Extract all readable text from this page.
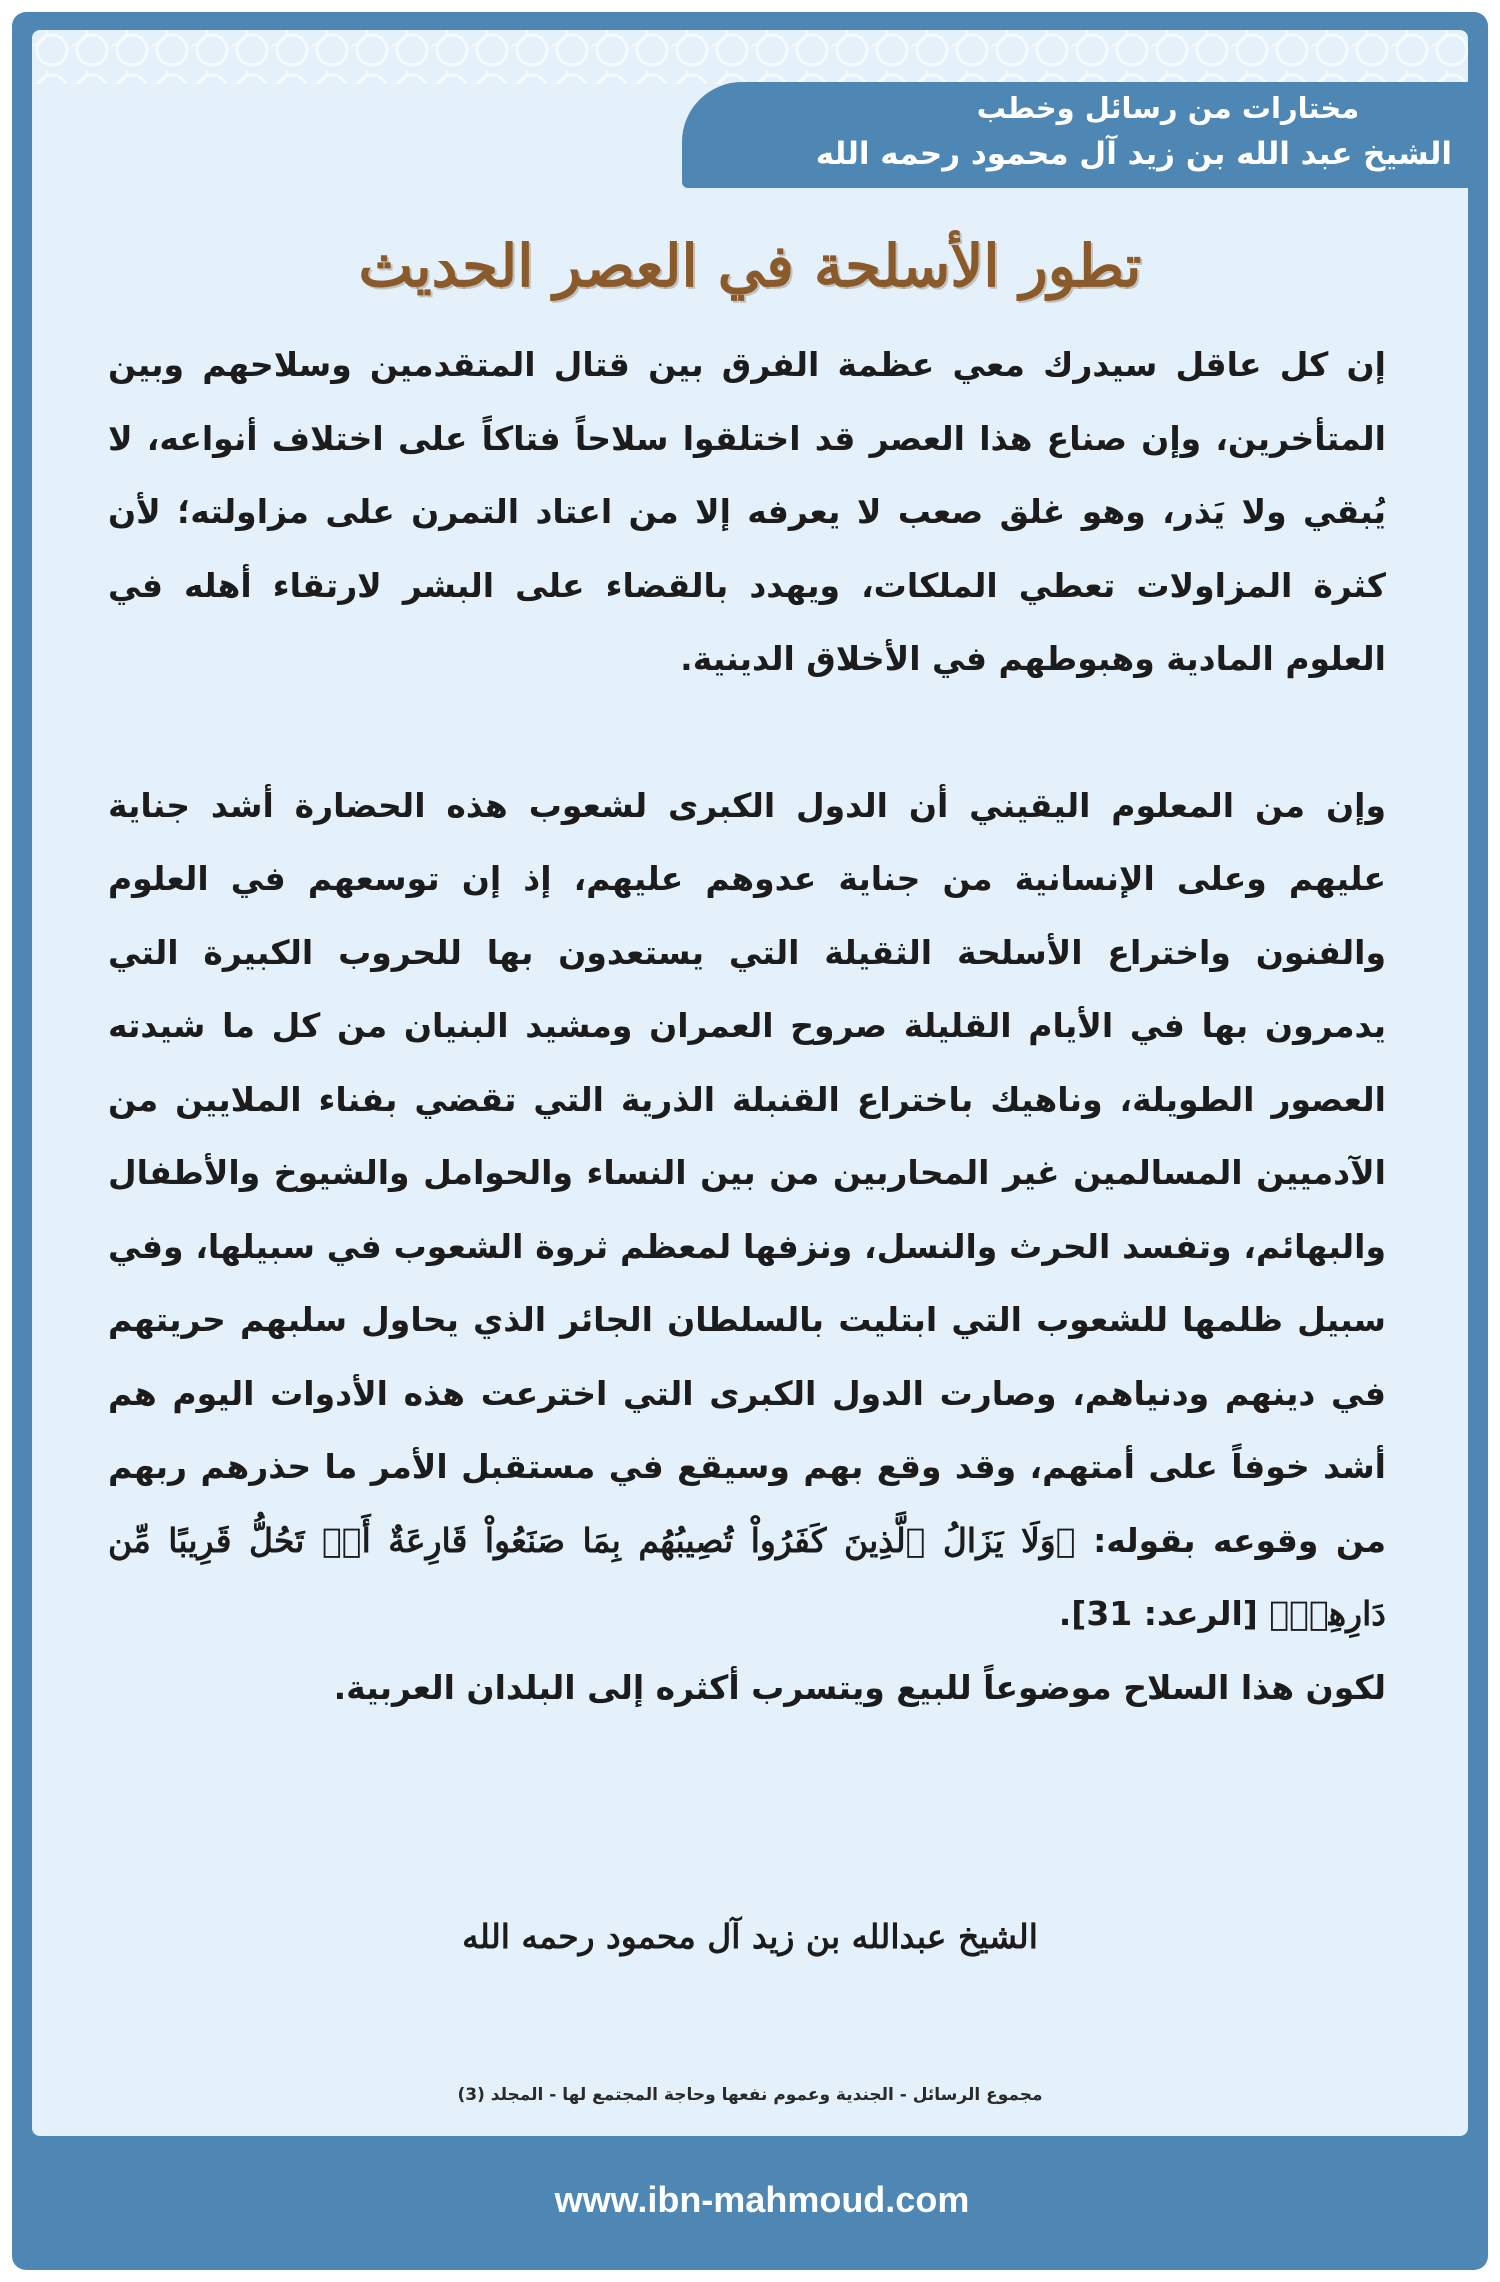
مختارات من رسائل وخطب
الشيخ عبد الله بن زيد آل محمود رحمه الله
تطور الأسلحة في العصر الحديث

إن كل عاقل سيدرك معي عظمة الفرق بين قتال المتقدمين وسلاحهم وبين المتأخرين، وإن صناع هذا العصر قد اختلقوا سلاحاً فتاكاً على اختلاف أنواعه، لا يُبقي ولا يَذر، وهو غلق صعب لا يعرفه إلا من اعتاد التمرن على مزاولته؛ لأن كثرة المزاولات تعطي الملكات، ويهدد بالقضاء على البشر لارتقاء أهله في العلوم المادية وهبوطهم في الأخلاق الدينية.

وإن من المعلوم اليقيني أن الدول الكبرى لشعوب هذه الحضارة أشد جناية عليهم وعلى الإنسانية من جناية عدوهم عليهم، إذ إن توسعهم في العلوم والفنون واختراع الأسلحة الثقيلة التي يستعدون بها للحروب الكبيرة التي يدمرون بها في الأيام القليلة صروح العمران ومشيد البنيان من كل ما شيدته العصور الطويلة، وناهيك باختراع القنبلة الذرية التي تقضي بفناء الملايين من الآدميين المسالمين غير المحاربين من بين النساء والحوامل والشيوخ والأطفال والبهائم، وتفسد الحرث والنسل، ونزفها لمعظم ثروة الشعوب في سبيلها، وفي سبيل ظلمها للشعوب التي ابتليت بالسلطان الجائر الذي يحاول سلبهم حريتهم في دينهم ودنياهم، وصارت الدول الكبرى التي اخترعت هذه الأدوات اليوم هم أشد خوفاً على أمتهم، وقد وقع بهم وسيقع في مستقبل الأمر ما حذرهم ربهم من وقوعه بقوله: ﴿وَلَا يَزَالُ ٱلَّذِينَ كَفَرُواْ تُصِيبُهُم بِمَا صَنَعُواْ قَارِعَةٌ أَوۡ تَحُلُّ قَرِيبًا مِّن دَارِهِمۡ﴾ [الرعد: 31].

لكون هذا السلاح موضوعاً للبيع ويتسرب أكثره إلى البلدان العربية.

الشيخ عبدالله بن زيد آل محمود رحمه الله
مجموع الرسائل - الجندية وعموم نفعها وحاجة المجتمع لها - المجلد (3)
www.ibn-mahmoud.com
